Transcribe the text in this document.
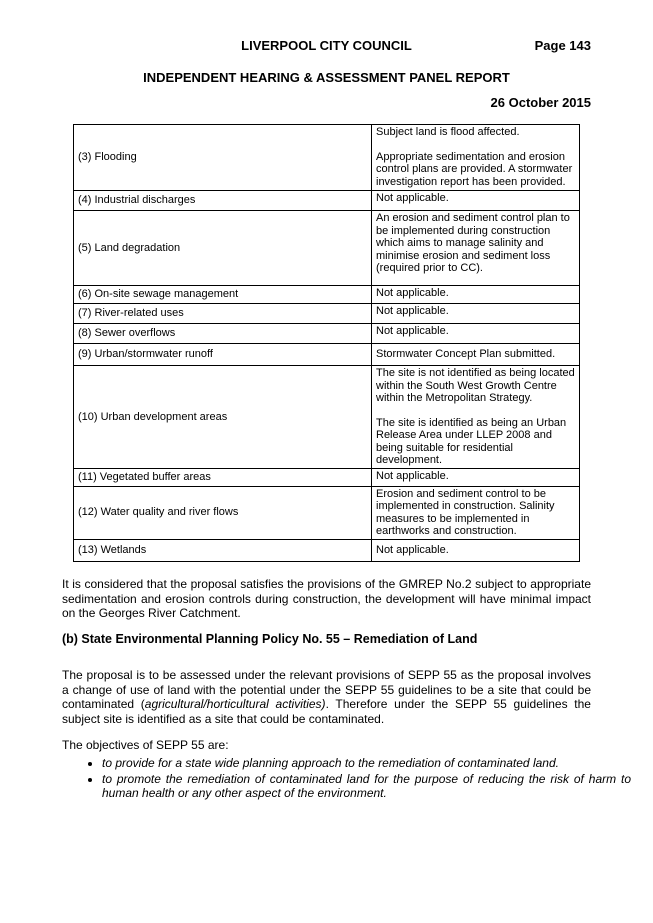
LIVERPOOL CITY COUNCIL	Page 143
INDEPENDENT HEARING & ASSESSMENT PANEL REPORT
26 October 2015
(3) Flooding	Subject land is flood affected.
Appropriate sedimentation and erosion control plans are provided. A stormwater investigation report has been provided.
(4) Industrial discharges	Not applicable.
(5) Land degradation	An erosion and sediment control plan to be implemented during construction which aims to manage salinity and minimise erosion and sediment loss (required prior to CC).
(6) On-site sewage management	Not applicable.
(7) River-related uses	Not applicable.
(8) Sewer overflows	Not applicable.
(9) Urban/stormwater runoff	Stormwater Concept Plan submitted.
(10) Urban development areas	The site is not identified as being located within the South West Growth Centre within the Metropolitan Strategy.
The site is identified as being an Urban Release Area under LLEP 2008 and being suitable for residential development.
(11) Vegetated buffer areas	Not applicable.
(12) Water quality and river flows	Erosion and sediment control to be implemented in construction. Salinity measures to be implemented in earthworks and construction.
(13) Wetlands	Not applicable.
It is considered that the proposal satisfies the provisions of the GMREP No.2 subject to appropriate sedimentation and erosion controls during construction, the development will have minimal impact on the Georges River Catchment.
(b) State Environmental Planning Policy No. 55 – Remediation of Land
The proposal is to be assessed under the relevant provisions of SEPP 55 as the proposal involves a change of use of land with the potential under the SEPP 55 guidelines to be a site that could be contaminated (agricultural/horticultural activities). Therefore under the SEPP 55 guidelines the subject site is identified as a site that could be contaminated.
The objectives of SEPP 55 are:
• to provide for a state wide planning approach to the remediation of contaminated land.
• to promote the remediation of contaminated land for the purpose of reducing the risk of harm to human health or any other aspect of the environment.
